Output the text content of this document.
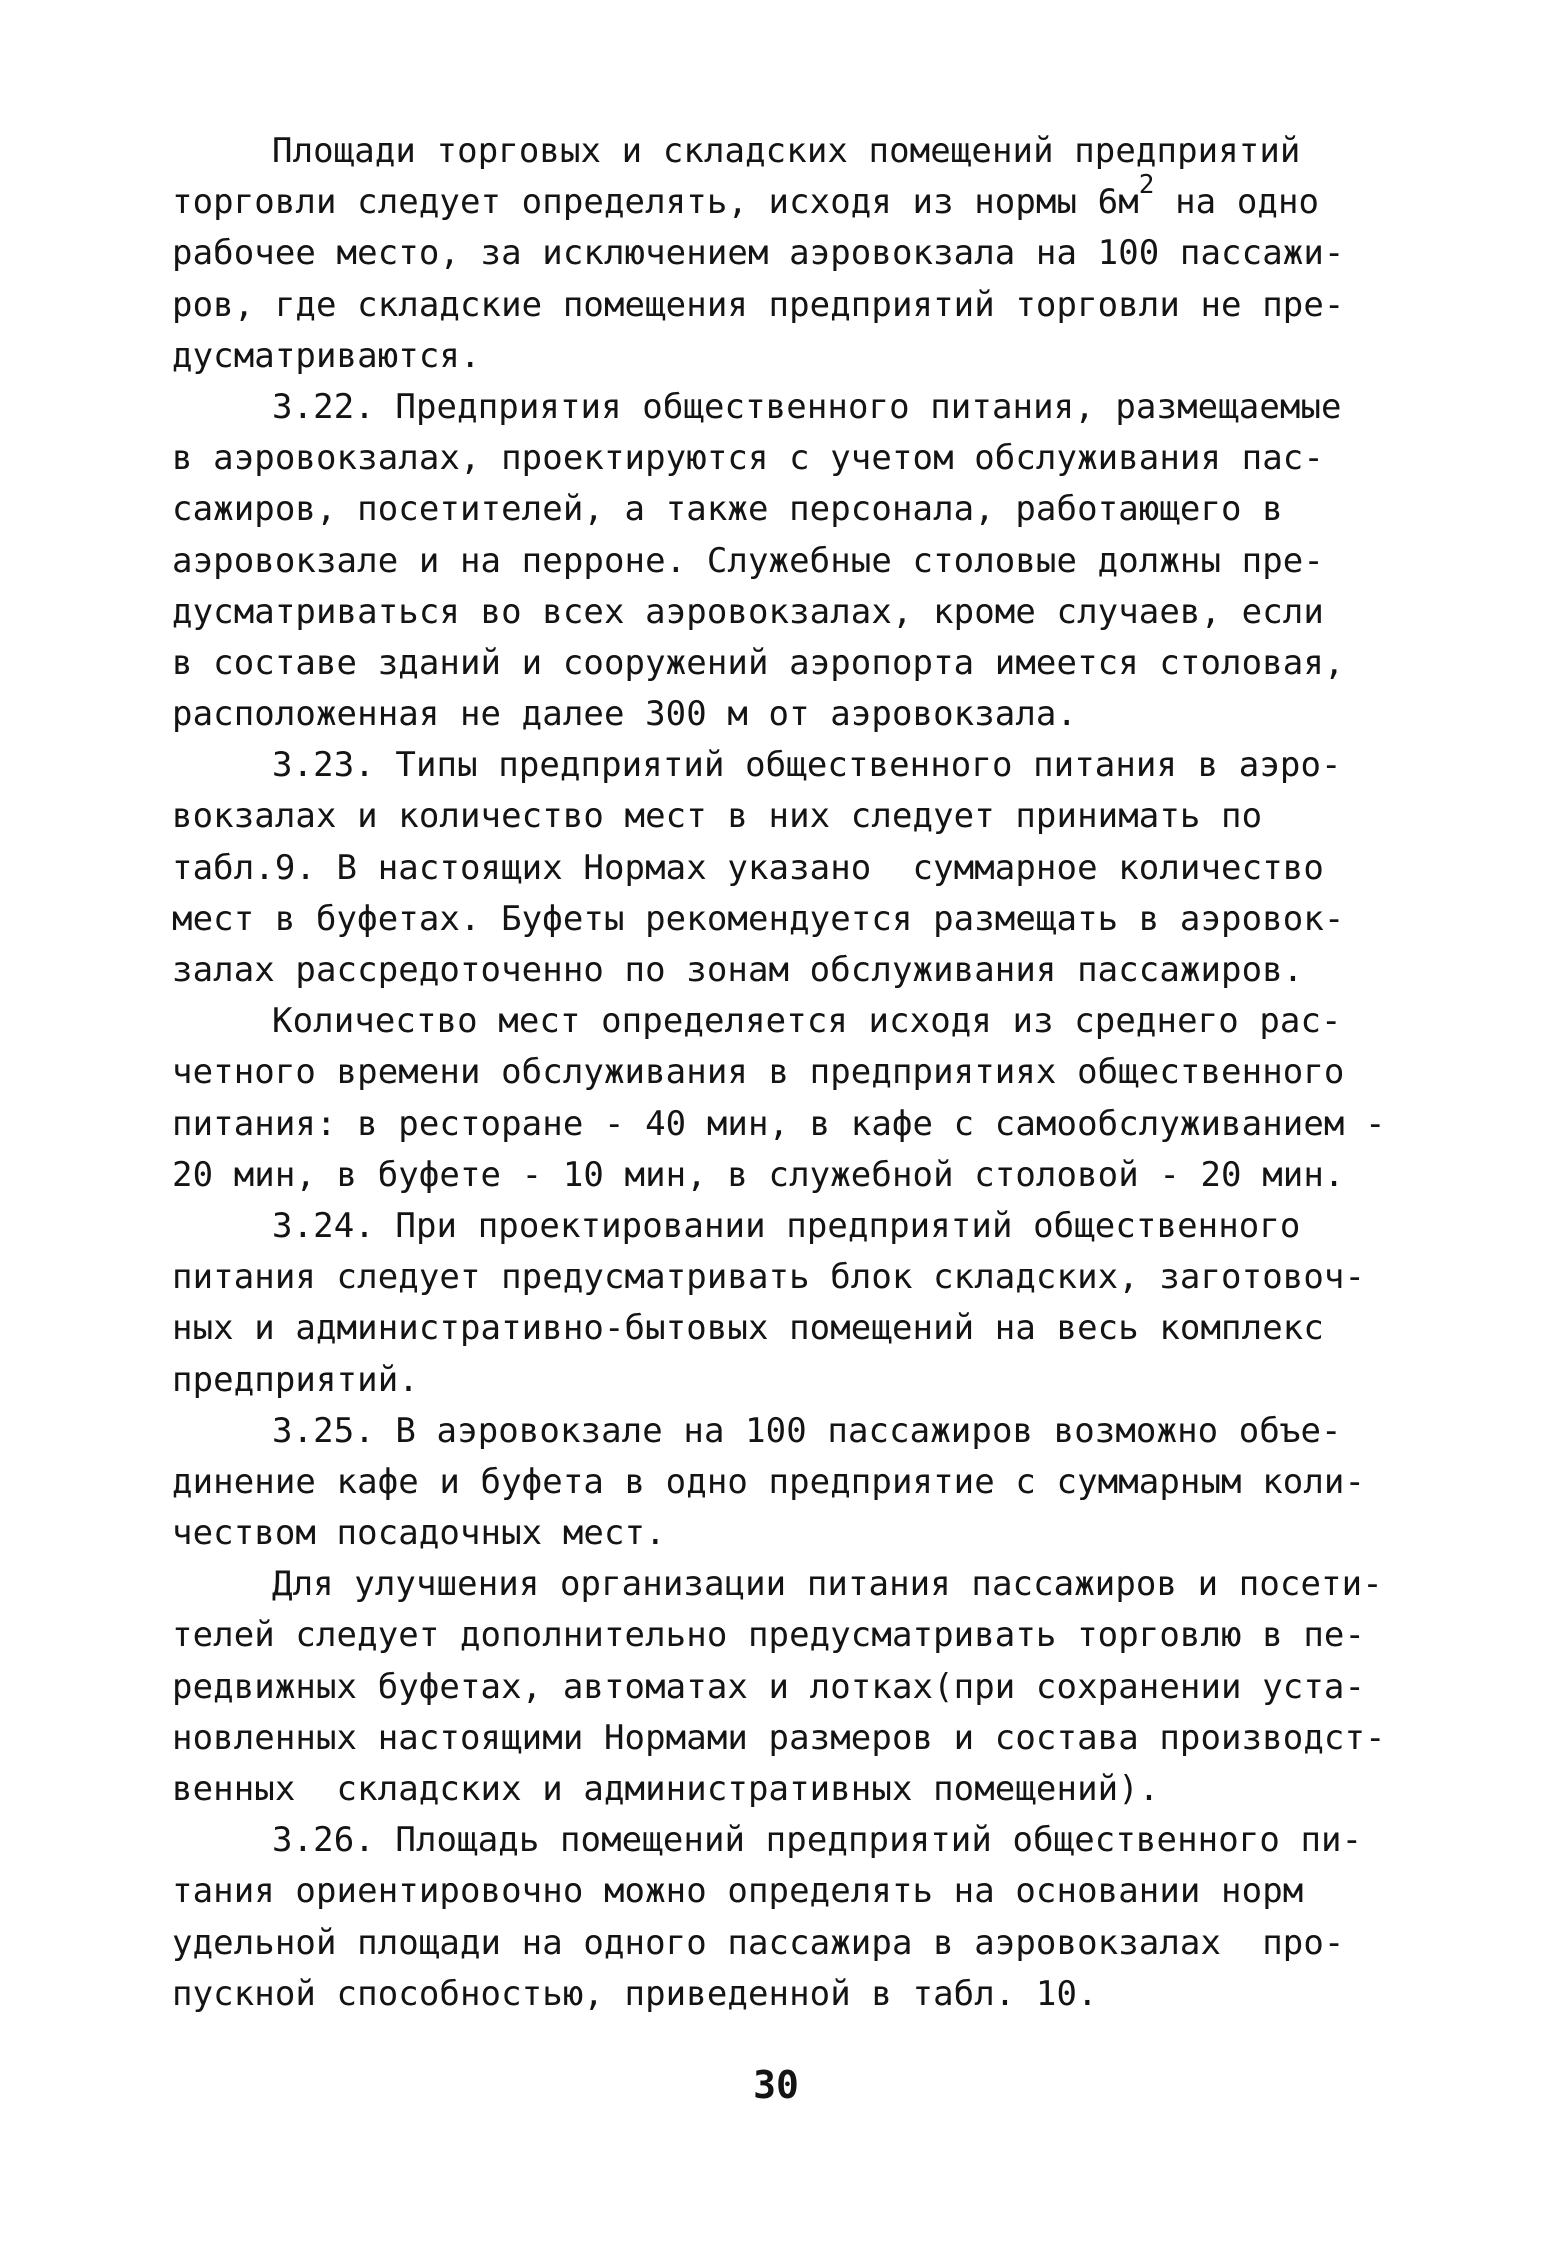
Площади торговых и складских помещений предприятий
торговли следует определять, исходя из нормы $6м^2$ на одно
рабочее место, за исключением аэровокзала на 100 пассажи-
ров, где складские помещения предприятий торговли не пре-
дусматриваются.
3.22. Предприятия общественного питания, размещаемые
в аэровокзалах, проектируются с учетом обслуживания пас-
сажиров, посетителей, а также персонала, работающего в
аэровокзале и на перроне. Служебные столовые должны пре-
дусматриваться во всех аэровокзалах, кроме случаев, если
в составе зданий и сооружений аэропорта имеется столовая,
расположенная не далее 300 м от аэровокзала.
3.23. Типы предприятий общественного питания в аэро-
вокзалах и количество мест в них следует принимать по
табл.9. В настоящих Нормах указано  суммарное количество
мест в буфетах. Буфеты рекомендуется размещать в аэровок-
залах рассредоточенно по зонам обслуживания пассажиров.
Количество мест определяется исходя из среднего рас-
четного времени обслуживания в предприятиях общественного
питания: в ресторане - 40 мин, в кафе с самообслуживанием -
20 мин, в буфете - 10 мин, в служебной столовой - 20 мин.
3.24. При проектировании предприятий общественного
питания следует предусматривать блок складских, заготовоч-
ных и административно-бытовых помещений на весь комплекс
предприятий.
3.25. В аэровокзале на 100 пассажиров возможно объе-
динение кафе и буфета в одно предприятие с суммарным коли-
чеством посадочных мест.
Для улучшения организации питания пассажиров и посети-
телей следует дополнительно предусматривать торговлю в пе-
редвижных буфетах, автоматах и лотках(при сохранении уста-
новленных настоящими Нормами размеров и состава производст-
венных  складских и административных помещений).
3.26. Площадь помещений предприятий общественного пи-
тания ориентировочно можно определять на основании норм
удельной площади на одного пассажира в аэровокзалах  про-
пускной способностью, приведенной в табл. 10.
30
